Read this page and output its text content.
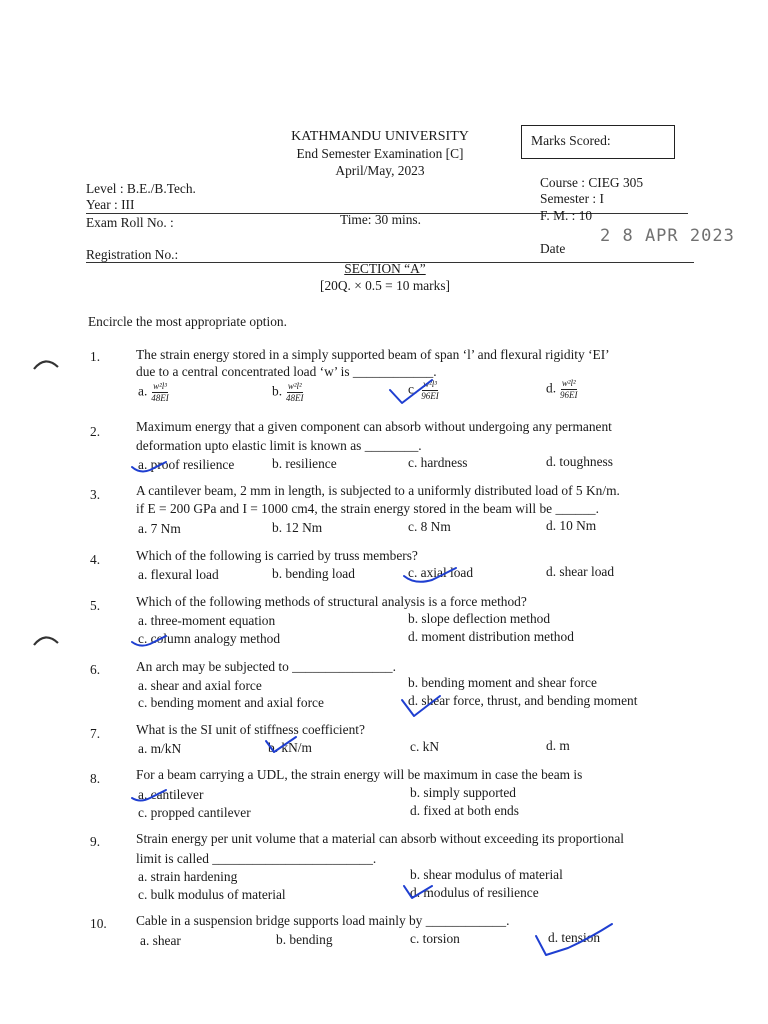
KATHMANDU UNIVERSITY
End Semester Examination [C]
April/May, 2023
Marks Scored:
Level : B.E./B.Tech.
Year : III
Exam Roll No. :	Time: 30 mins.
Registration No.:
Course : CIEG 305
Semester : I
F. M. : 10
Date
2 8 APR 2023
SECTION “A”
[20Q. × 0.5 = 10 marks]
Encircle the most appropriate option.
1.	The strain energy stored in a simply supported beam of span ‘l’ and flexural rigidity ‘EI’
due to a central concentrated load ‘w’ is ____________.
a. $\frac{\text{w²l³}}{48EI}$	b. $\frac{\text{w²l²}}{48EI}$	c. $\frac{\text{w²l³}}{96EI}$	d. $\frac{\text{w²l²}}{96EI}$
2.	Maximum energy that a given component can absorb without undergoing any permanent
deformation upto elastic limit is known as ________.
a. proof resilience	b. resilience	c. hardness	d. toughness
3.	A cantilever beam, 2 mm in length, is subjected to a uniformly distributed load of 5 Kn/m.
if E = 200 GPa and I = 1000 cm4, the strain energy stored in the beam will be ______.
a. 7 Nm	b. 12 Nm	c. 8 Nm	d. 10 Nm
4.	Which of the following is carried by truss members?
a. flexural load	b. bending load	c. axial load	d. shear load
5.	Which of the following methods of structural analysis is a force method?
a. three-moment equation	b. slope deflection method
c. column analogy method	d. moment distribution method
6.	An arch may be subjected to _______________.
a. shear and axial force	b. bending moment and shear force
c. bending moment and axial force	d. shear force, thrust, and bending moment
7.	What is the SI unit of stiffness coefficient?
a. m/kN	b. kN/m	c. kN	d. m
8.	For a beam carrying a UDL, the strain energy will be maximum in case the beam is
a. cantilever	b. simply supported
c. propped cantilever	d. fixed at both ends
9.	Strain energy per unit volume that a material can absorb without exceeding its proportional
limit is called ________________________.
a. strain hardening	b. shear modulus of material
c. bulk modulus of material	d. modulus of resilience
10.	Cable in a suspension bridge supports load mainly by ____________.
a. shear	b. bending	c. torsion	d. tension
